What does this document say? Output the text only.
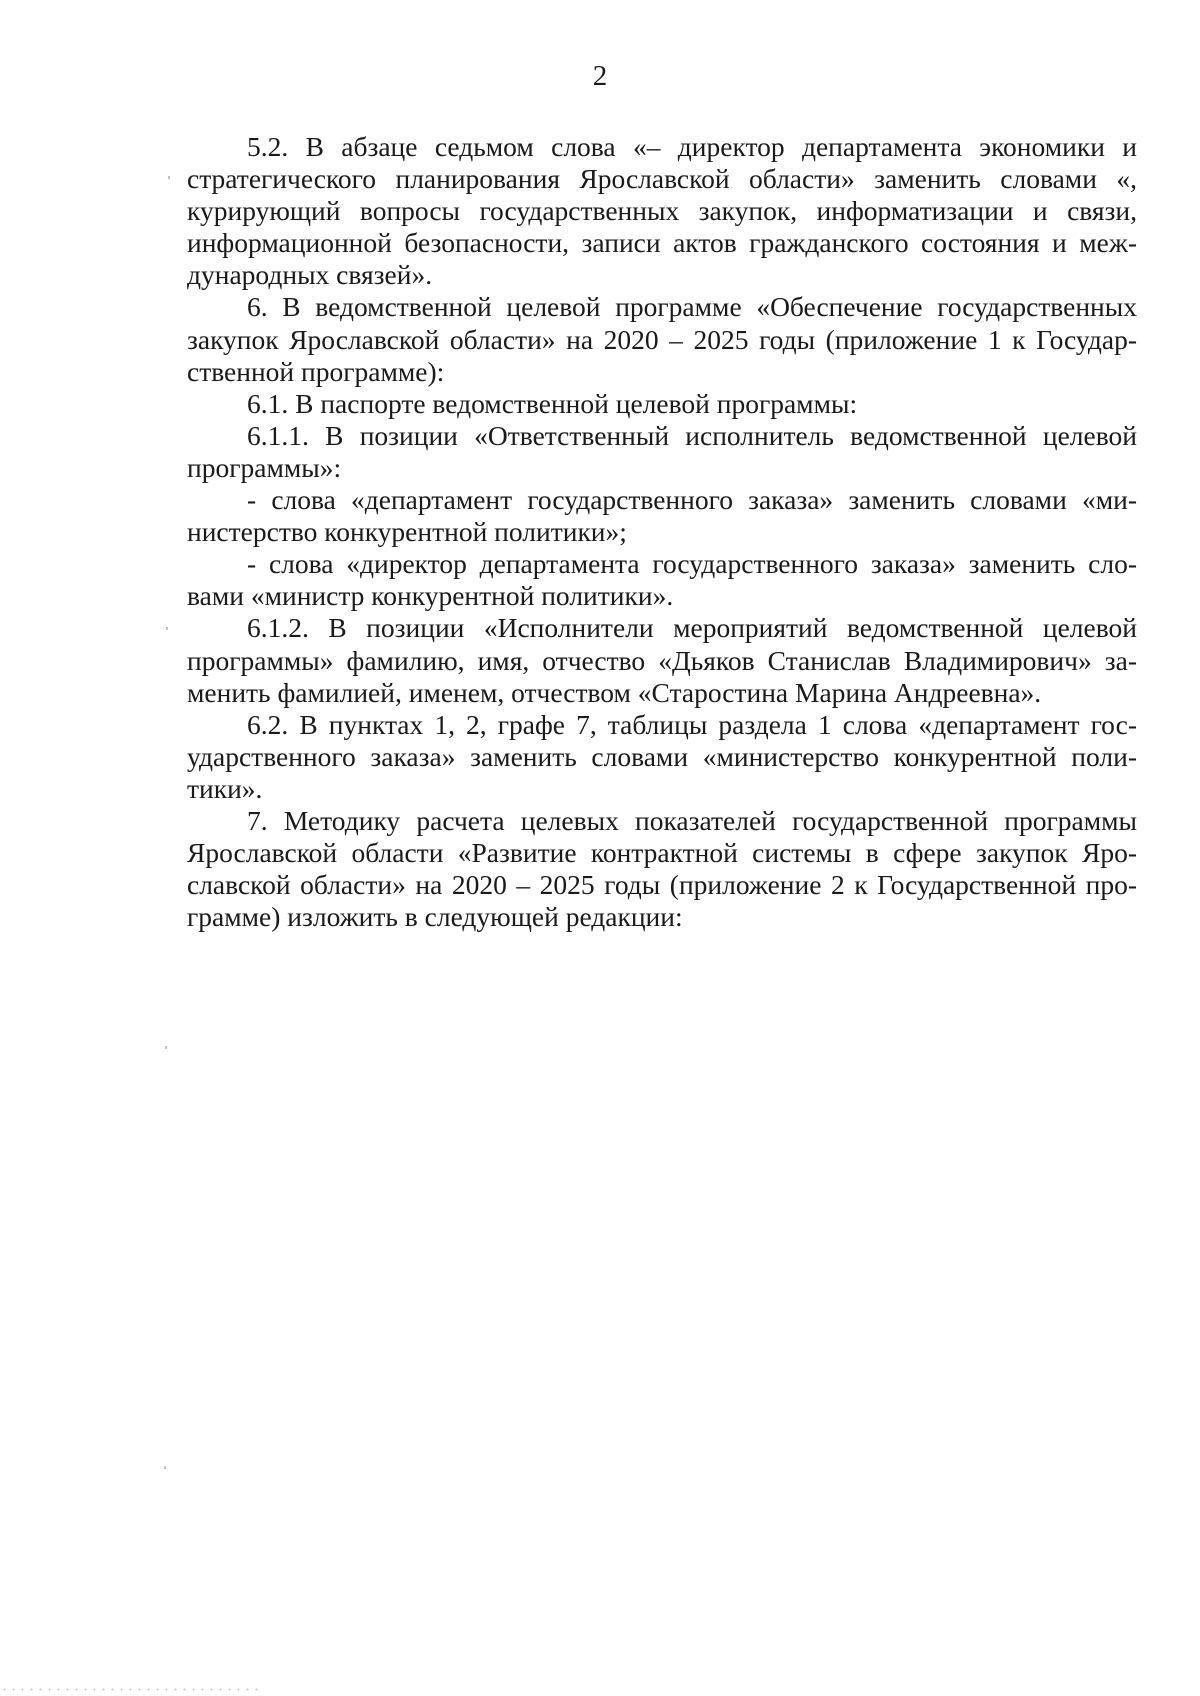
2

5.2. В абзаце седьмом слова «– директор департамента экономики и стратегического планирования Ярославской области» заменить словами «, курирующий вопросы государственных закупок, информатизации и связи, информационной безопасности, записи актов гражданского состояния и международных связей».

6. В ведомственной целевой программе «Обеспечение государственных закупок Ярославской области» на 2020 – 2025 годы (приложение 1 к Государственной программе):

6.1. В паспорте ведомственной целевой программы:

6.1.1. В позиции «Ответственный исполнитель ведомственной целевой программы»:

- слова «департамент государственного заказа» заменить словами «министерство конкурентной политики»;

- слова «директор департамента государственного заказа» заменить словами «министр конкурентной политики».

6.1.2. В позиции «Исполнители мероприятий ведомственной целевой программы» фамилию, имя, отчество «Дьяков Станислав Владимирович» заменить фамилией, именем, отчеством «Старостина Марина Андреевна».

6.2. В пунктах 1, 2, графе 7, таблицы раздела 1 слова «департамент государственного заказа» заменить словами «министерство конкурентной политики».

7. Методику расчета целевых показателей государственной программы Ярославской области «Развитие контрактной системы в сфере закупок Ярославской области» на 2020 – 2025 годы (приложение 2 к Государственной программе) изложить в следующей редакции:
